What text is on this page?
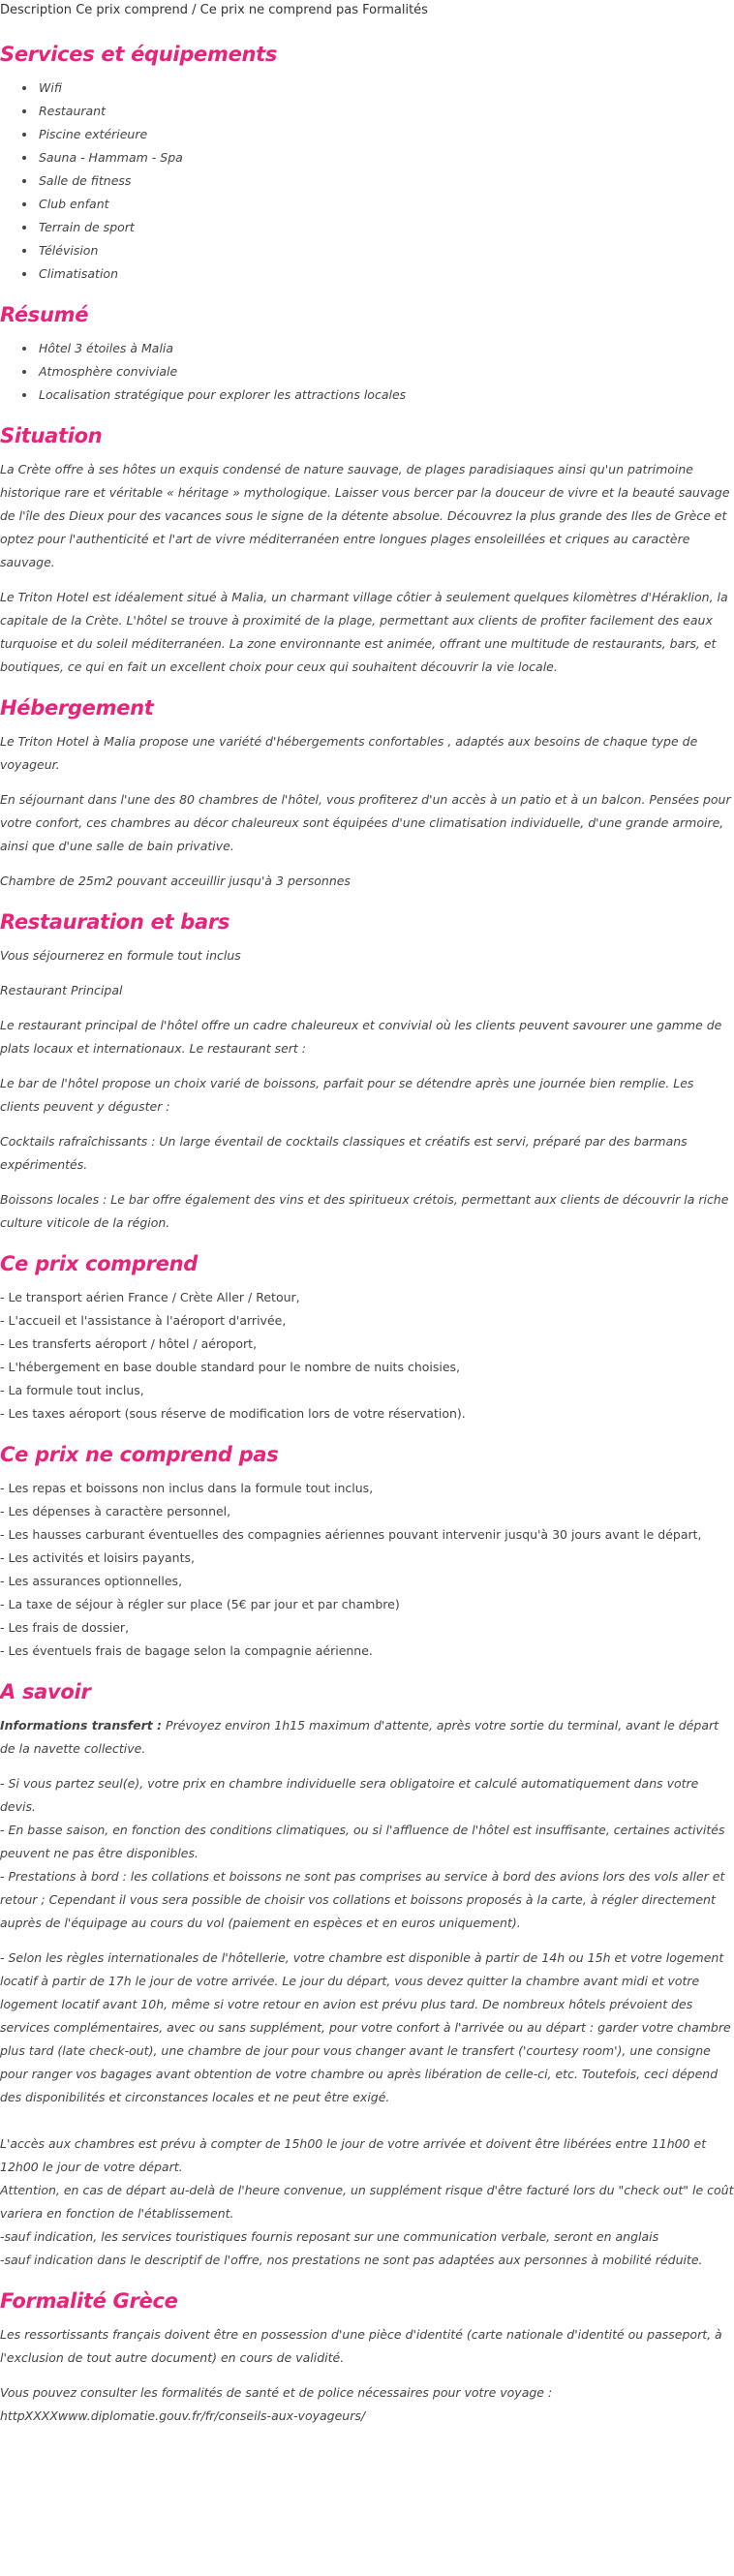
Description Ce prix comprend / Ce prix ne comprend pas Formalités
Services et équipements
• Wifi
• Restaurant
• Piscine extérieure
• Sauna - Hammam - Spa
• Salle de fitness
• Club enfant
• Terrain de sport
• Télévision
• Climatisation
Résumé
• Hôtel 3 étoiles à Malia
• Atmosphère conviviale
• Localisation stratégique pour explorer les attractions locales
Situation

La Crète offre à ses hôtes un exquis condensé de nature sauvage, de plages paradisiaques ainsi qu'un patrimoine historique rare et véritable « héritage » mythologique. Laisser vous bercer par la douceur de vivre et la beauté sauvage de l'île des Dieux pour des vacances sous le signe de la détente absolue. Découvrez la plus grande des Iles de Grèce et optez pour l'authenticité et l'art de vivre méditerranéen entre longues plages ensoleillées et criques au caractère sauvage.

Le Triton Hotel est idéalement situé à Malia, un charmant village côtier à seulement quelques kilomètres d'Héraklion, la capitale de la Crète. L'hôtel se trouve à proximité de la plage, permettant aux clients de profiter facilement des eaux turquoise et du soleil méditerranéen. La zone environnante est animée, offrant une multitude de restaurants, bars, et boutiques, ce qui en fait un excellent choix pour ceux qui souhaitent découvrir la vie locale.

Hébergement

Le Triton Hotel à Malia propose une variété d'hébergements confortables , adaptés aux besoins de chaque type de voyageur.

En séjournant dans l'une des 80 chambres de l'hôtel, vous profiterez d'un accès à un patio et à un balcon. Pensées pour votre confort, ces chambres au décor chaleureux sont équipées d'une climatisation individuelle, d'une grande armoire, ainsi que d'une salle de bain privative.

Chambre de 25m2 pouvant acceuillir jusqu'à 3 personnes

Restauration et bars

Vous séjournerez en formule tout inclus

Restaurant Principal

Le restaurant principal de l'hôtel offre un cadre chaleureux et convivial où les clients peuvent savourer une gamme de plats locaux et internationaux. Le restaurant sert :

Le bar de l'hôtel propose un choix varié de boissons, parfait pour se détendre après une journée bien remplie. Les clients peuvent y déguster :

Cocktails rafraîchissants : Un large éventail de cocktails classiques et créatifs est servi, préparé par des barmans expérimentés.

Boissons locales : Le bar offre également des vins et des spiritueux crétois, permettant aux clients de découvrir la riche culture viticole de la région.

Ce prix comprend
- Le transport aérien France / Crète Aller / Retour,
- L'accueil et l'assistance à l'aéroport d'arrivée,
- Les transferts aéroport / hôtel / aéroport,
- L'hébergement en base double standard pour le nombre de nuits choisies,
- La formule tout inclus,
- Les taxes aéroport (sous réserve de modification lors de votre réservation).
Ce prix ne comprend pas
- Les repas et boissons non inclus dans la formule tout inclus,
- Les dépenses à caractère personnel,
- Les hausses carburant éventuelles des compagnies aériennes pouvant intervenir jusqu'à 30 jours avant le départ,
- Les activités et loisirs payants,
- Les assurances optionnelles,
- La taxe de séjour à régler sur place (5€ par jour et par chambre)
- Les frais de dossier,
- Les éventuels frais de bagage selon la compagnie aérienne.
A savoir

Informations transfert : Prévoyez environ 1h15 maximum d'attente, après votre sortie du terminal, avant le départ de la navette collective.

- Si vous partez seul(e), votre prix en chambre individuelle sera obligatoire et calculé automatiquement dans votre devis.
- En basse saison, en fonction des conditions climatiques, ou si l'affluence de l'hôtel est insuffisante, certaines activités peuvent ne pas être disponibles.
- Prestations à bord : les collations et boissons ne sont pas comprises au service à bord des avions lors des vols aller et retour ; Cependant il vous sera possible de choisir vos collations et boissons proposés à la carte, à régler directement auprès de l'équipage au cours du vol (paiement en espèces et en euros uniquement).

- Selon les règles internationales de l'hôtellerie, votre chambre est disponible à partir de 14h ou 15h et votre logement locatif à partir de 17h le jour de votre arrivée. Le jour du départ, vous devez quitter la chambre avant midi et votre logement locatif avant 10h, même si votre retour en avion est prévu plus tard. De nombreux hôtels prévoient des services complémentaires, avec ou sans supplément, pour votre confort à l'arrivée ou au départ : garder votre chambre plus tard (late check-out), une chambre de jour pour vous changer avant le transfert ('courtesy room'), une consigne pour ranger vos bagages avant obtention de votre chambre ou après libération de celle-ci, etc. Toutefois, ceci dépend des disponibilités et circonstances locales et ne peut être exigé.

L'accès aux chambres est prévu à compter de 15h00 le jour de votre arrivée et doivent être libérées entre 11h00 et 12h00 le jour de votre départ.
Attention, en cas de départ au-delà de l'heure convenue, un supplément risque d'être facturé lors du "check out" le coût variera en fonction de l'établissement.
-sauf indication, les services touristiques fournis reposant sur une communication verbale, seront en anglais
-sauf indication dans le descriptif de l'offre, nos prestations ne sont pas adaptées aux personnes à mobilité réduite.
Formalité Grèce

Les ressortissants français doivent être en possession d'une pièce d'identité (carte nationale d'identité ou passeport, à l'exclusion de tout autre document) en cours de validité.

Vous pouvez consulter les formalités de santé et de police nécessaires pour votre voyage :
httpXXXXwww.diplomatie.gouv.fr/fr/conseils-aux-voyageurs/
